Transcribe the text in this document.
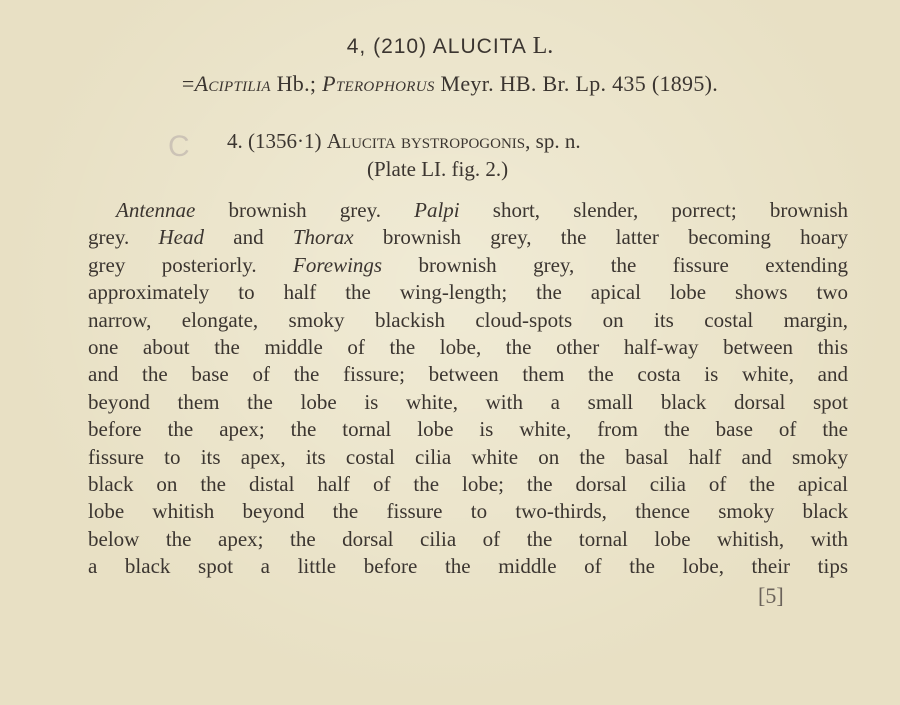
4, (210) ALUCITA L.
=Aciptilia Hb.; Pterophorus Meyr. HB. Br. Lp. 435 (1895).
C 4. (1356·1) Alucita bystropogonis, sp. n.
(Plate LI. fig. 2.)
Antennae brownish grey. Palpi short, slender, porrect; brownish
grey. Head and Thorax brownish grey, the latter becoming hoary
grey posteriorly. Forewings brownish grey, the fissure extending
approximately to half the wing-length; the apical lobe shows two
narrow, elongate, smoky blackish cloud-spots on its costal margin,
one about the middle of the lobe, the other half-way between this
and the base of the fissure; between them the costa is white, and
beyond them the lobe is white, with a small black dorsal spot
before the apex; the tornal lobe is white, from the base of the
fissure to its apex, its costal cilia white on the basal half and smoky
black on the distal half of the lobe; the dorsal cilia of the apical
lobe whitish beyond the fissure to two-thirds, thence smoky black
below the apex; the dorsal cilia of the tornal lobe whitish, with
a black spot a little before the middle of the lobe, their tips
[5]
